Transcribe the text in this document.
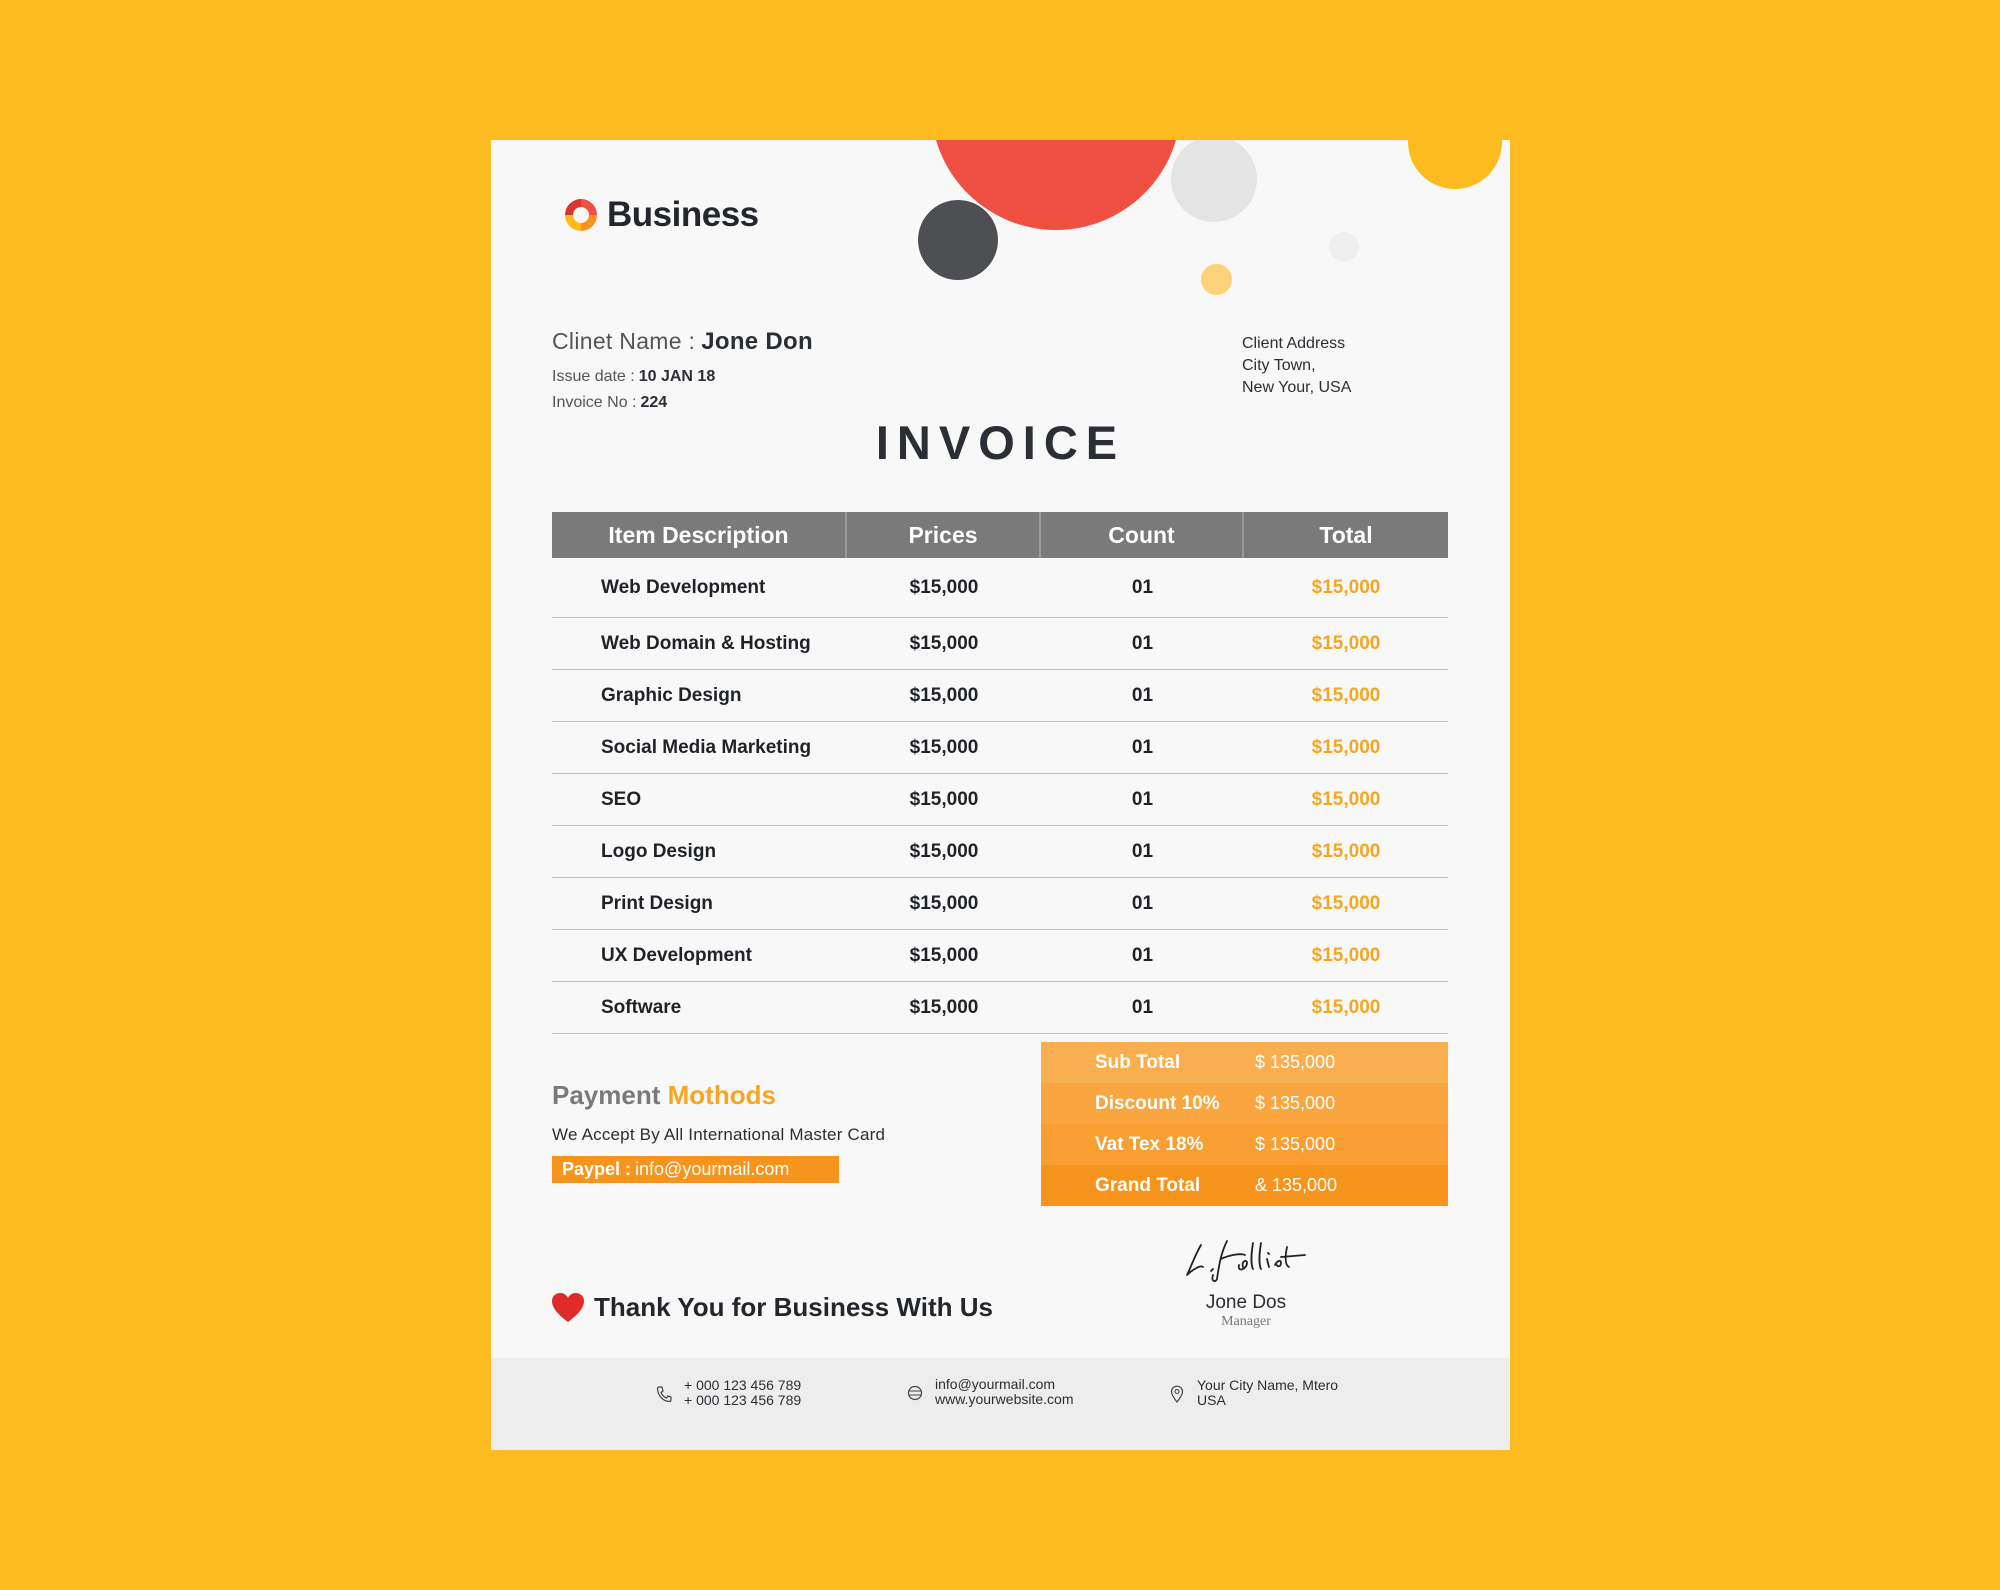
Business
Clinet Name : Jone Don
Issue date : 10 JAN 18
Invoice No : 224
Client Address
City Town,
New Your, USA
INVOICE
Item Description	Prices	Count	Total
Web Development	$15,000	01	$15,000
Web Domain & Hosting	$15,000	01	$15,000
Graphic Design	$15,000	01	$15,000
Social Media Marketing	$15,000	01	$15,000
SEO	$15,000	01	$15,000
Logo Design	$15,000	01	$15,000
Print Design	$15,000	01	$15,000
UX Development	$15,000	01	$15,000
Software	$15,000	01	$15,000
Payment Mothods
We Accept By All International Master Card
Paypel : info@yourmail.com
Sub Total	$ 135,000
Discount 10%	$ 135,000
Vat Tex 18%	$ 135,000
Grand Total	& 135,000
Thank You for Business With Us	Jone Dos
Manager
+ 000 123 456 789
+ 000 123 456 789
info@yourmail.com
www.yourwebsite.com
Your City Name, Mtero
USA
